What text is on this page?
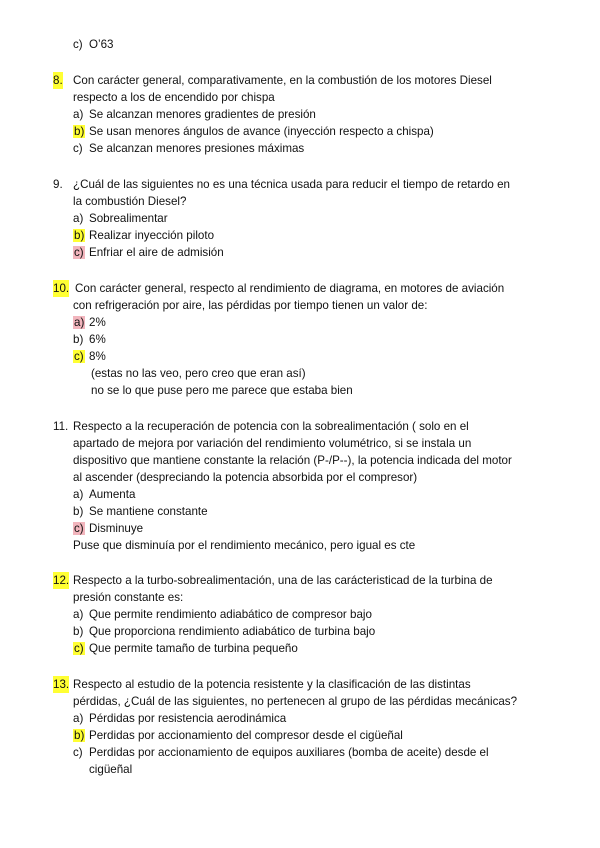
c) O’63
8. Con carácter general, comparativamente, en la combustión de los motores Diesel
respecto a los de encendido por chispa
a) Se alcanzan menores gradientes de presión
b) Se usan menores ángulos de avance (inyección respecto a chispa)
c) Se alcanzan menores presiones máximas
9. ¿Cuál de las siguientes no es una técnica usada para reducir el tiempo de retardo en
la combustión Diesel?
a) Sobrealimentar
b) Realizar inyección piloto
c) Enfriar el aire de admisión
10. Con carácter general, respecto al rendimiento de diagrama, en motores de aviación
con refrigeración por aire, las pérdidas por tiempo tienen un valor de:
a) 2%
b) 6%
c) 8%
(estas no las veo, pero creo que eran así)
no se lo que puse pero me parece que estaba bien
11. Respecto a la recuperación de potencia con la sobrealimentación ( solo en el
apartado de mejora por variación del rendimiento volumétrico, si se instala un
dispositivo que mantiene constante la relación (P-/P--), la potencia indicada del motor
al ascender (despreciando la potencia absorbida por el compresor)
a) Aumenta
b) Se mantiene constante
c) Disminuye
Puse que disminuía por el rendimiento mecánico, pero igual es cte
12. Respecto a la turbo-sobrealimentación, una de las carácteristicad de la turbina de
presión constante es:
a) Que permite rendimiento adiabático de compresor bajo
b) Que proporciona rendimiento adiabático de turbina bajo
c) Que permite tamaño de turbina pequeño
13. Respecto al estudio de la potencia resistente y la clasificación de las distintas
pérdidas, ¿Cuál de las siguientes, no pertenecen al grupo de las pérdidas mecánicas?
a) Pérdidas por resistencia aerodinámica
b) Perdidas por accionamiento del compresor desde el cigüeñal
c) Perdidas por accionamiento de equipos auxiliares (bomba de aceite) desde el
cigüeñal
